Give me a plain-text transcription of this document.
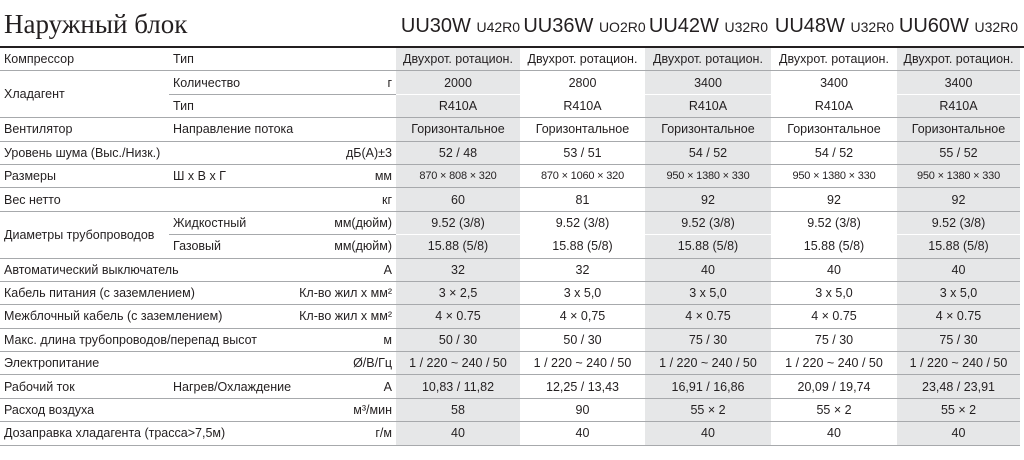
Наружный блок	UU30W U42R0 UU36W UO2R0 UU42W U32R0 UU48W U32R0 UU60W U32R0
Компрессор	Тип		Двухрот. ротацион.	Двухрот. ротацион.	Двухрот. ротацион.	Двухрот. ротацион.	Двухрот. ротацион.
Хладагент	Количество	г	2000	2800	3400	3400	3400
	Тип		R410A	R410A	R410A	R410A	R410A
Вентилятор	Направление потока		Горизонтальное	Горизонтальное	Горизонтальное	Горизонтальное	Горизонтальное
Уровень шума (Выс./Низк.)		дБ(А)±3	52 / 48	53 / 51	54 / 52	54 / 52	55 / 52
Размеры	Ш х В х Г	мм	870 × 808 × 320	870 × 1060 × 320	950 × 1380 × 330	950 × 1380 × 330	950 × 1380 × 330
Вес нетто		кг	60	81	92	92	92
Диаметры трубопроводов	Жидкостный	мм(дюйм)	9.52 (3/8)	9.52 (3/8)	9.52 (3/8)	9.52 (3/8)	9.52 (3/8)
	Газовый	мм(дюйм)	15.88 (5/8)	15.88 (5/8)	15.88 (5/8)	15.88 (5/8)	15.88 (5/8)
Автоматический выключатель		А	32	32	40	40	40
Кабель питания (с заземлением)		Кл-во жил х мм²	3 × 2,5	3 x 5,0	3 x 5,0	3 x 5,0	3 x 5,0
Межблочный кабель (с заземлением)		Кл-во жил х мм²	4 × 0.75	4 × 0,75	4 × 0.75	4 × 0.75	4 × 0.75
Макс. длина трубопроводов/перепад высот		м	50 / 30	50 / 30	75 / 30	75 / 30	75 / 30
Электропитание		Ø/В/Гц	1 / 220 ~ 240 / 50	1 / 220 ~ 240 / 50	1 / 220 ~ 240 / 50	1 / 220 ~ 240 / 50	1 / 220 ~ 240 / 50
Рабочий ток	Нагрев/Охлаждение	А	10,83 / 11,82	12,25 / 13,43	16,91 / 16,86	20,09 / 19,74	23,48 / 23,91
Расход воздуха		м³/мин	58	90	55 × 2	55 × 2	55 × 2
Дозаправка хладагента (трасса>7,5м)		г/м	40	40	40	40	40
